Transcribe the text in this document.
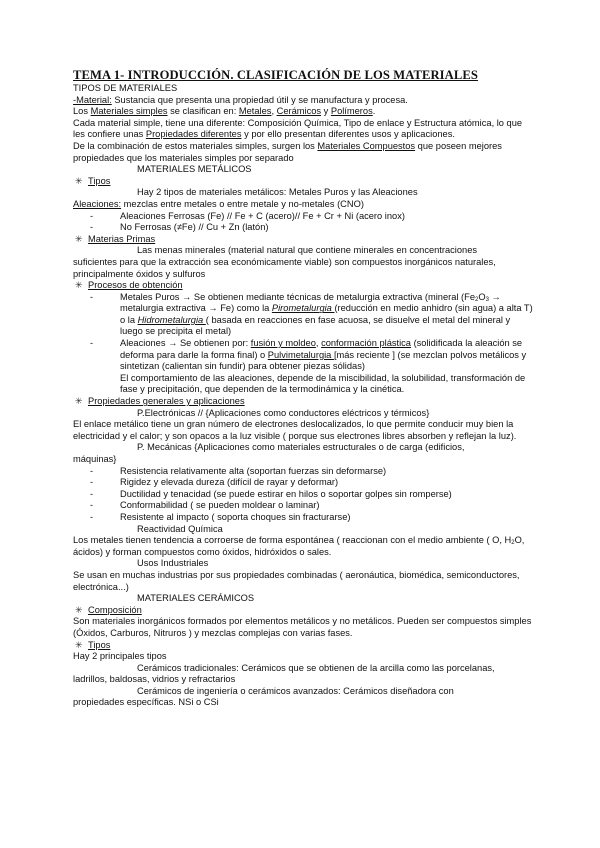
TEMA 1- INTRODUCCIÓN. CLASIFICACIÓN DE LOS MATERIALES

TIPOS DE MATERIALES

-Material: Sustancia que presenta una propiedad útil y se manufactura y procesa.

Los Materiales simples se clasifican en: Metales, Cerámicos y Polímeros.

Cada material simple, tiene una diferente: Composición Química, Tipo de enlace y Estructura atómica, lo que les confiere unas Propiedades diferentes y por ello presentan diferentes usos y aplicaciones.

De la combinación de estos materiales simples, surgen los Materiales Compuestos que poseen mejores propiedades que los materiales simples por separado

MATERIALES METÁLICOS

✳ Tipos

Hay 2 tipos de materiales metálicos: Metales Puros y las Aleaciones

Aleaciones: mezclas entre metales o entre metale y no-metales (CNO)

-	Aleaciones Ferrosas (Fe) // Fe + C (acero)// Fe + Cr + Ni (acero inox)
-	No Ferrosas (≠Fe) // Cu + Zn (latón)
✳ Materias Primas

Las menas minerales (material natural que contiene minerales en concentraciones

suficientes para que la extracción sea económicamente viable) son compuestos inorgánicos naturales, principalmente óxidos y sulfuros

✳ Procesos de obtención
-	Metales Puros → Se obtienen mediante técnicas de metalurgia extractiva (mineral ($Fe_2O_3$ → metalurgia extractiva → Fe) como la Pirometalurgia (reducción en medio anhidro (sin agua) a alta T) o la Hidrometalurgia ( basada en reacciones en fase acuosa, se disuelve el metal del mineral y luego se precipita el metal)
-	Aleaciones → Se obtienen por: fusión y moldeo, conformación plástica (solidificada la aleación se deforma para darle la forma final) o Pulvimetalurgia [más reciente ] (se mezclan polvos metálicos y sintetizan (calientan sin fundir) para obtener piezas sólidas)
El comportamiento de las aleaciones, depende de la miscibilidad, la solubilidad, transformación de fase y precipitación, que dependen de la termodinámica y la cinética.
✳ Propiedades generales y aplicaciones

P.Electrónicas // {Aplicaciones como conductores eléctricos y térmicos}

El enlace metálico tiene un gran número de electrones deslocalizados, lo que permite conducir muy bien la electricidad y el calor; y son opacos a la luz visible ( porque sus electrones libres absorben y reflejan la luz).

P. Mecánicas {Aplicaciones como materiales estructurales o de carga (edificios,

máquinas}

-	Resistencia relativamente alta (soportan fuerzas sin deformarse)
-	Rigidez y elevada dureza (difícil de rayar y deformar)
-	Ductilidad y tenacidad (se puede estirar en hilos o soportar golpes sin romperse)
-	Conformabilidad ( se pueden moldear o laminar)
-	Resistente al impacto ( soporta choques sin fracturarse)

Reactividad Química

Los metales tienen tendencia a corroerse de forma espontánea ( reaccionan con el medio ambiente ( O, $H_2O$, ácidos) y forman compuestos como óxidos, hidróxidos o sales.

Usos Industriales

Se usan en muchas industrias por sus propiedades combinadas ( aeronáutica, biomédica, semiconductores, electrónica...)

MATERIALES CERÁMICOS

✳ Composición

Son materiales inorgánicos formados por elementos metálicos y no metálicos. Pueden ser compuestos simples (Óxidos, Carburos, Nitruros ) y mezclas complejas con varias fases.

✳ Tipos

Hay 2 principales tipos

Cerámicos tradicionales: Cerámicos que se obtienen de la arcilla como las porcelanas,

ladrillos, baldosas, vidrios y refractarios

Cerámicos de ingeniería o cerámicos avanzados: Cerámicos diseñadora con

propiedades específicas. NSi o CSi
